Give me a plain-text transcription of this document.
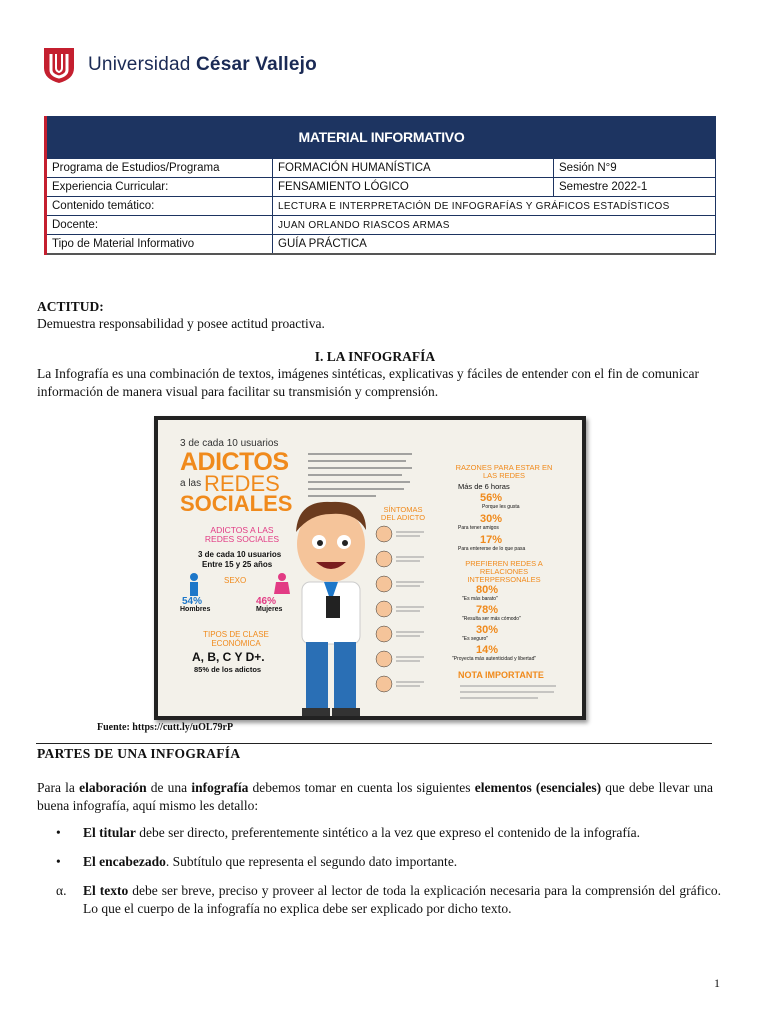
Universidad César Vallejo
MATERIAL INFORMATIVO
Programa de Estudios/Programa	FORMACIÓN HUMANÍSTICA	Sesión N°9
Experiencia Curricular:	FENSAMIENTO LÓGICO	Semestre 2022-1
Contenido temático:	LECTURA E INTERPRETACIÓN DE INFOGRAFÍAS Y GRÁFICOS ESTADÍSTICOS	
Docente:	JUAN ORLANDO RIASCOS ARMAS	
Tipo de Material Informativo	GUÍA PRÁCTICA	
ACTITUD:
Demuestra responsabilidad y posee actitud proactiva.
I. LA INFOGRAFÍA
La Infografía es una combinación de textos, imágenes sintéticas, explicativas y fáciles de entender con el fin de comunicar información de manera visual para facilitar su transmisión y comprensión.
3 de cada 10 usuarios
ADICTOS
a las REDES
SOCIALES
ADICTOS A LAS REDES SOCIALES
3 de cada 10 usuarios
Entre 15 y 25 años
SEXO
54%
Hombres
46%
Mujeres
TIPOS DE CLASE ECONÓMICA
A, B, C Y D+.
85% de los adictos
SÍNTOMAS DEL ADICTO
RAZONES PARA ESTAR EN LAS REDES
Más de 6 horas
56%
Porque les gusta
30%
Para tener amigos
17%
Para entererse de lo que pasa
PREFIEREN REDES A RELACIONES INTERPERSONALES
80%
"Es más barato"
78%
"Resulta ser más cómodo"
30%
"Es seguro"
14%
"Proyecta más autenticidad y libertad"
NOTA IMPORTANTE
Fuente: https://cutt.ly/uOL79rP
PARTES DE UNA INFOGRAFÍA
Para la elaboración de una infografía debemos tomar en cuenta los siguientes elementos (esenciales) que debe llevar una buena infografía, aquí mismo les detallo:
• El titular debe ser directo, preferentemente sintético a la vez que expreso el contenido de la infografía.
• El encabezado. Subtítulo que representa el segundo dato importante.
α. El texto debe ser breve, preciso y proveer al lector de toda la explicación necesaria para la comprensión del gráfico. Lo que el cuerpo de la infografía no explica debe ser explicado por dicho texto.
1
